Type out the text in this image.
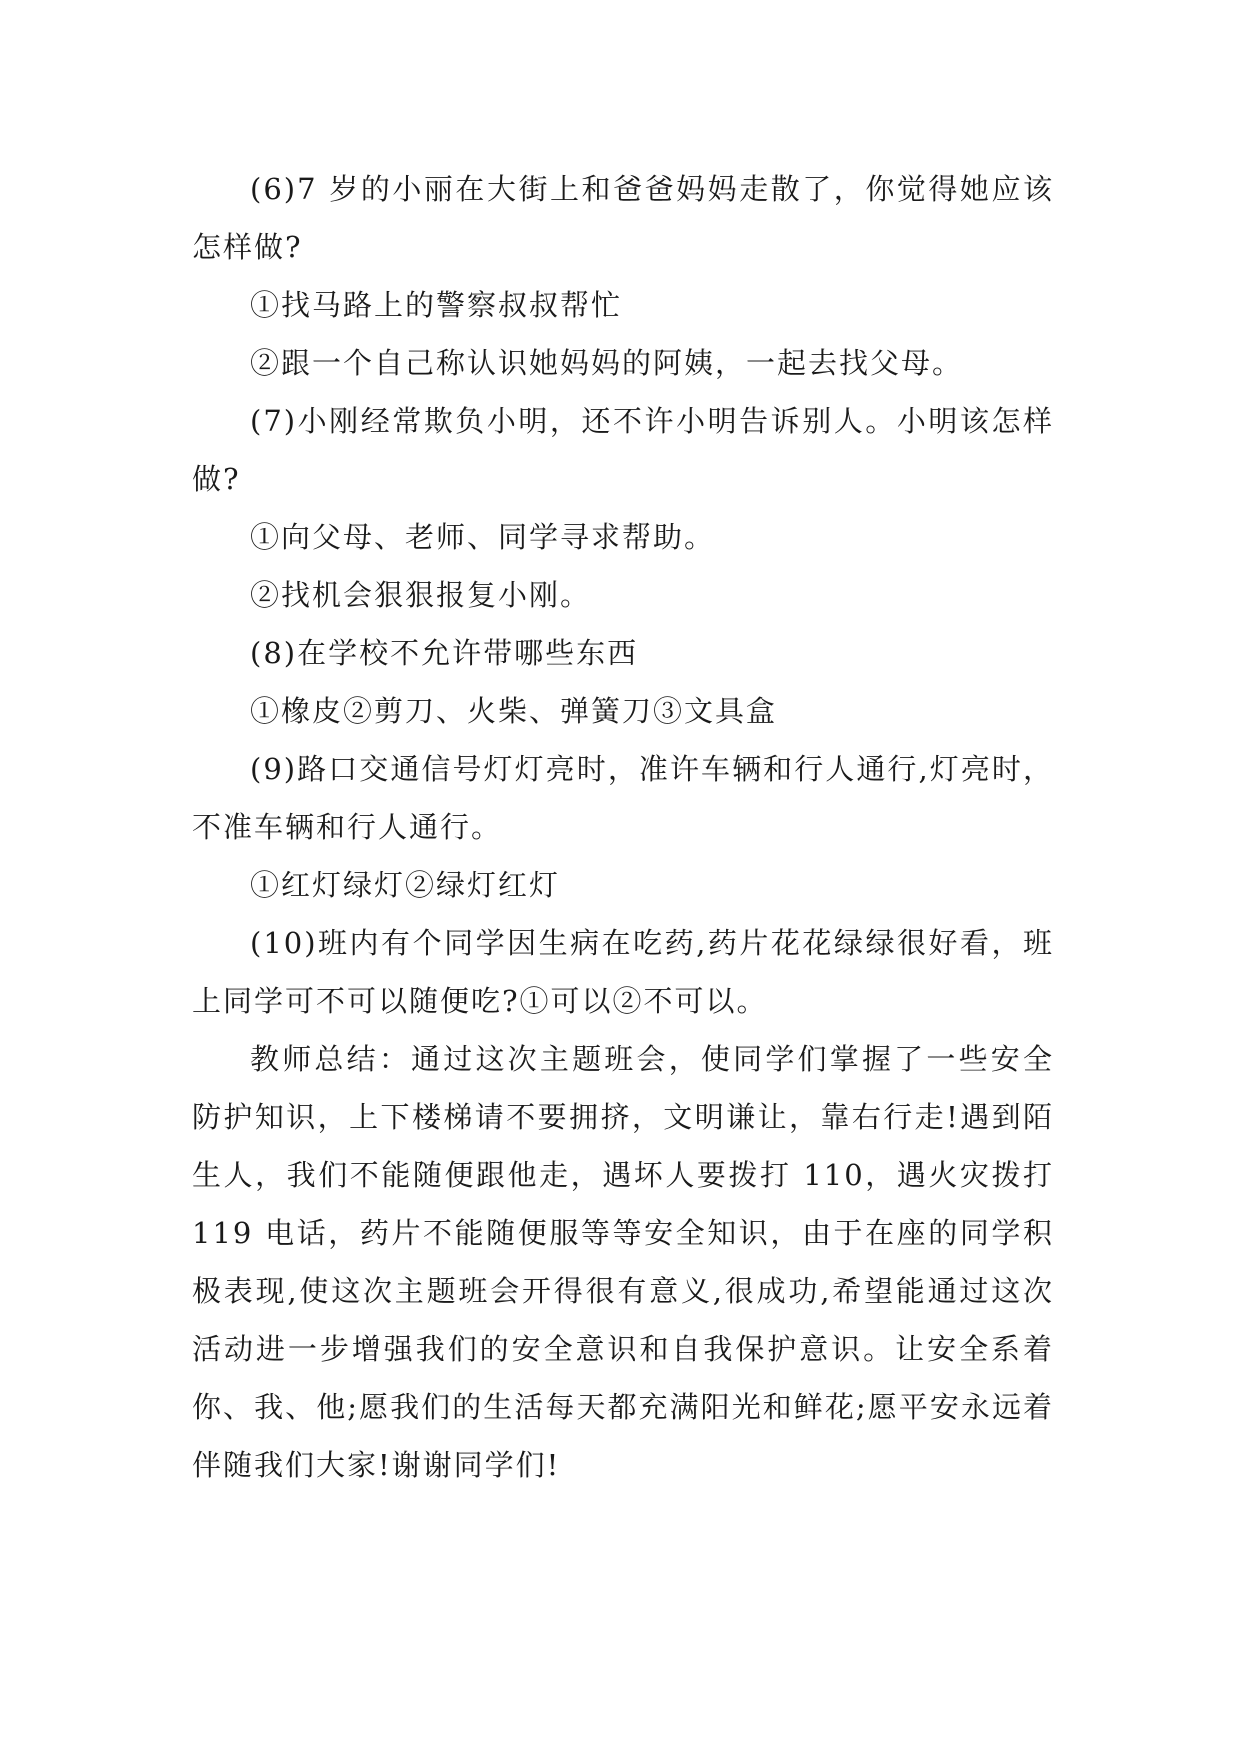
(6)7 岁的小丽在大街上和爸爸妈妈走散了，你觉得她应该怎样做?

①找马路上的警察叔叔帮忙

②跟一个自己称认识她妈妈的阿姨，一起去找父母。

(7)小刚经常欺负小明，还不许小明告诉别人。小明该怎样做?

①向父母、老师、同学寻求帮助。

②找机会狠狠报复小刚。

(8)在学校不允许带哪些东西

①橡皮②剪刀、火柴、弹簧刀③文具盒

(9)路口交通信号灯灯亮时，准许车辆和行人通行,灯亮时，不准车辆和行人通行。

①红灯绿灯②绿灯红灯

(10)班内有个同学因生病在吃药,药片花花绿绿很好看，班上同学可不可以随便吃?①可以②不可以。

教师总结：通过这次主题班会，使同学们掌握了一些安全防护知识，上下楼梯请不要拥挤，文明谦让，靠右行走!遇到陌生人，我们不能随便跟他走，遇坏人要拨打 110，遇火灾拨打 119 电话，药片不能随便服等等安全知识，由于在座的同学积极表现,使这次主题班会开得很有意义,很成功,希望能通过这次活动进一步增强我们的安全意识和自我保护意识。让安全系着你、我、他;愿我们的生活每天都充满阳光和鲜花;愿平安永远着伴随我们大家!谢谢同学们!
